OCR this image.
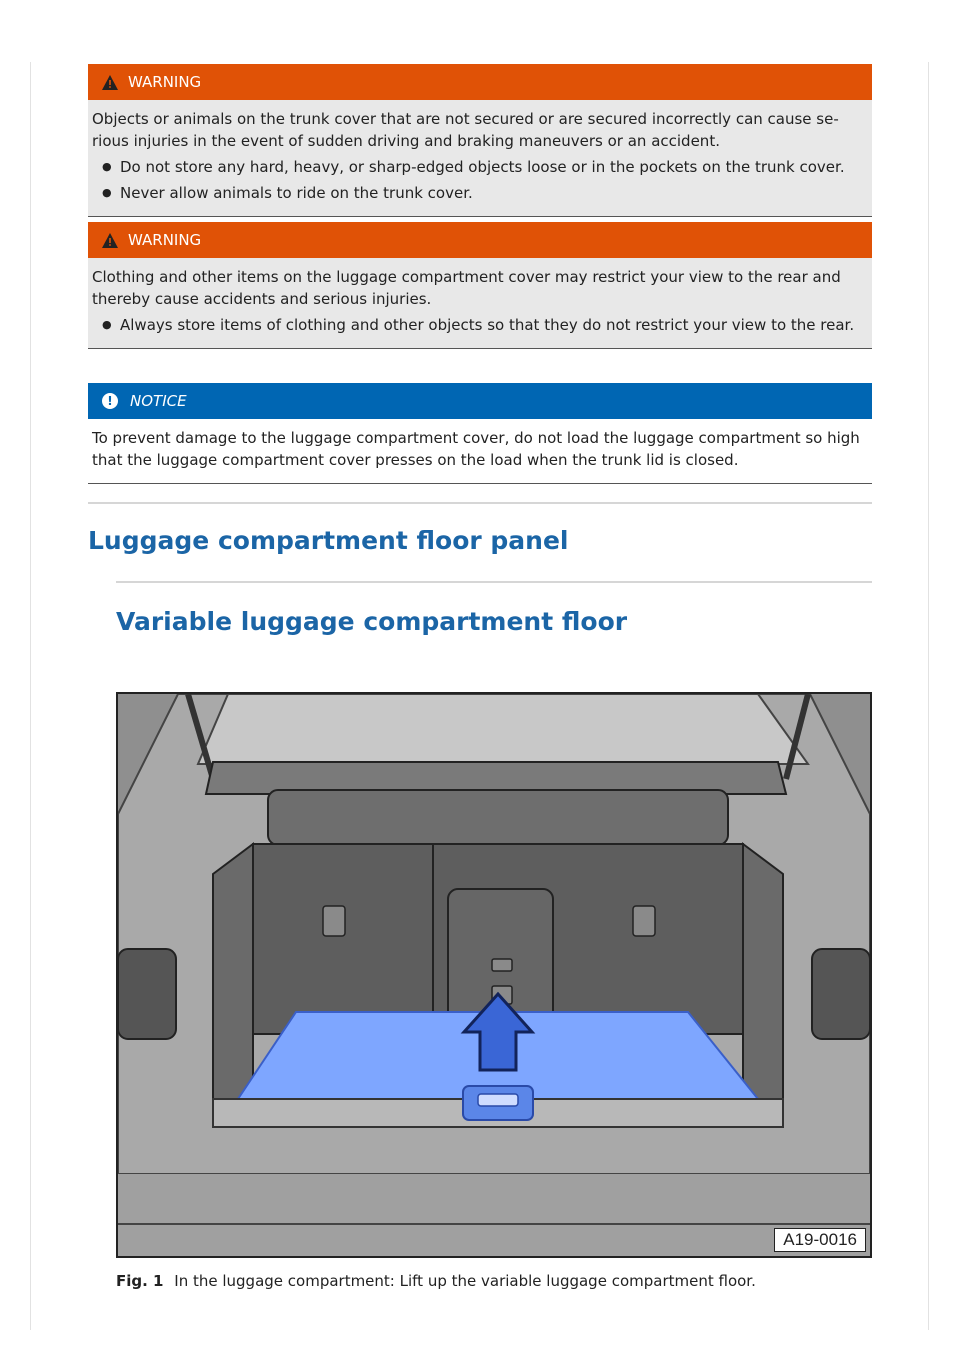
WARNING

Objects or animals on the trunk cover that are not secured or are secured incorrectly can cause se-rious injuries in the event of sudden driving and braking maneuvers or an accident.

● Do not store any hard, heavy, or sharp-edged objects loose or in the pockets on the trunk cover.
● Never allow animals to ride on the trunk cover.
WARNING

Clothing and other items on the luggage compartment cover may restrict your view to the rear and thereby cause accidents and serious injuries.

● Always store items of clothing and other objects so that they do not restrict your view to the rear.
!	NOTICE

To prevent damage to the luggage compartment cover, do not load the luggage compartment so high that the luggage compartment cover presses on the load when the trunk lid is closed.

Luggage compartment floor panel
Variable luggage compartment floor
A19-0016
Fig. 1 In the luggage compartment: Lift up the variable luggage compartment floor.
